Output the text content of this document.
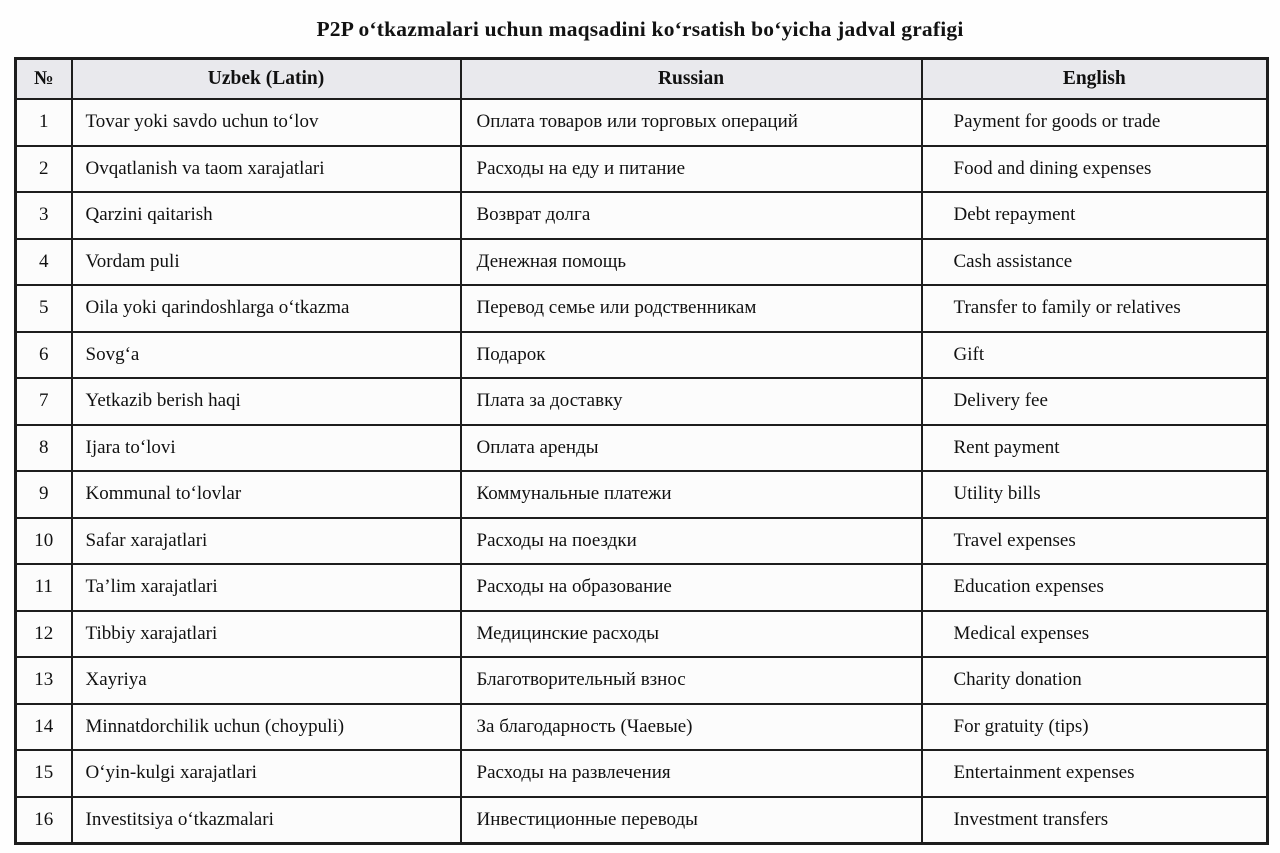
P2P oʻtkazmalari uchun maqsadini koʻrsatish boʻyicha jadval grafigi
№	Uzbek (Latin)	Russian	English
1	Tovar yoki savdo uchun toʻlov	Оплата товаров или торговых операций	Payment for goods or trade
2	Ovqatlanish va taom xarajatlari	Расходы на еду и питание	Food and dining expenses
3	Qarzini qaitarish	Возврат долга	Debt repayment
4	Vordam puli	Денежная помощь	Cash assistance
5	Oila yoki qarindoshlarga oʻtkazma	Перевод семье или родственникам	Transfer to family or relatives
6	Sovgʻa	Подарок	Gift
7	Yetkazib berish haqi	Плата за доставку	Delivery fee
8	Ijara toʻlovi	Оплата аренды	Rent payment
9	Kommunal toʻlovlar	Коммунальные платежи	Utility bills
10	Safar xarajatlari	Расходы на поездки	Travel expenses
11	Taʼlim xarajatlari	Расходы на образование	Education expenses
12	Tibbiy xarajatlari	Медицинские расходы	Medical expenses
13	Xayriya	Благотворительный взнос	Charity donation
14	Minnatdorchilik uchun (choypuli)	За благодарность (Чаевые)	For gratuity (tips)
15	Oʻyin-kulgi xarajatlari	Расходы на развлечения	Entertainment expenses
16	Investitsiya oʻtkazmalari	Инвестиционные переводы	Investment transfers
